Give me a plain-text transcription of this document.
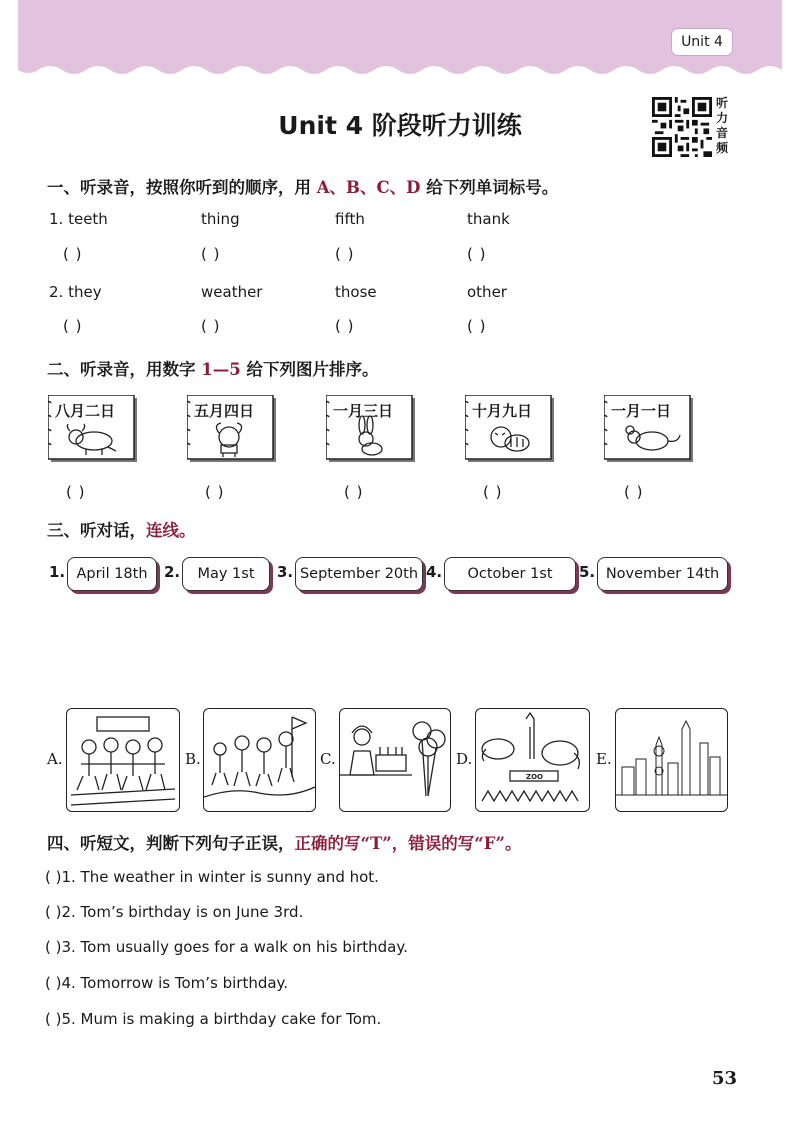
Unit 4
Unit 4 阶段听力训练
听力音频
一、听录音，按照你听到的顺序，用 A、B、C、D 给下列单词标号。
1. teeth	thing	fifth	thank
( )	( )	( )	( )
2. they	weather	those	other
( )	( )	( )	( )
二、听录音，用数字 1—5 给下列图片排序。
八月二日	五月四日	一月三日	十月九日	一月一日
( )	( )	( )	( )	( )
三、听对话，连线。
1. April 18th	2.	May 1st	3. September 20th 4.	October 1st	5. November 14th
A.	B.	C.	D.
ZOO
E.
四、听短文，判断下列句子正误，正确的写“T”，错误的写“F”。
( )1. The weather in winter is sunny and hot.
( )2. Tom’s birthday is on June 3rd.
( )3. Tom usually goes for a walk on his birthday.
( )4. Tomorrow is Tom’s birthday.
( )5. Mum is making a birthday cake for Tom.
53
